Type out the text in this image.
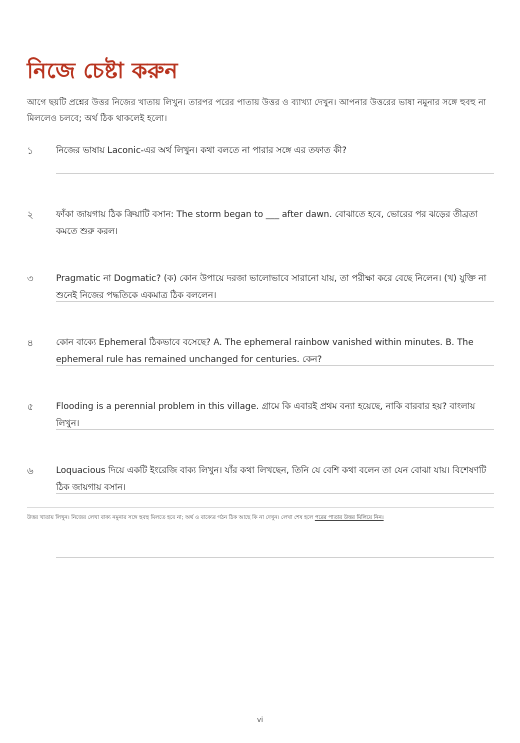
নিজে চেষ্টা করুন
আগে ছয়টি প্রশ্নের উত্তর নিজের খাতায় লিখুন। তারপর পরের পাতায় উত্তর ও ব্যাখ্যা দেখুন। আপনার উত্তরের ভাষা নমুনার সঙ্গে হুবহু না মিললেও চলবে; অর্থ ঠিক থাকলেই হলো।
১	নিজের ভাষায় Laconic-এর অর্থ লিখুন। কথা বলতে না পারার সঙ্গে এর তফাত কী?
২	ফাঁকা জায়গায় ঠিক ক্রিয়াটি বসান: The storm began to ___ after dawn. বোঝাতে হবে, ভোরের পর ঝড়ের তীব্রতা কমতে শুরু করল।
৩	Pragmatic না Dogmatic? (ক) কোন উপায়ে দরজা ভালোভাবে সারানো যায়, তা পরীক্ষা করে বেছে নিলেন। (খ) যুক্তি না শুনেই নিজের পদ্ধতিকে একমাত্র ঠিক বললেন।
৪	কোন বাক্যে Ephemeral ঠিকভাবে বসেছে? A. The ephemeral rainbow vanished within minutes. B. The ephemeral rule has remained unchanged for centuries. কেন?
৫	Flooding is a perennial problem in this village. গ্রামে কি এবারই প্রথম বন্যা হয়েছে, নাকি বারবার হয়? বাংলায় লিখুন।
৬	Loquacious দিয়ে একটি ইংরেজি বাক্য লিখুন। যাঁর কথা লিখছেন, তিনি যে বেশি কথা বলেন তা যেন বোঝা যায়। বিশেষণটি ঠিক জায়গায় বসান।
উত্তর খাতায় লিখুন। নিজের লেখা বাক্য নমুনার সঙ্গে হুবহু মিলতে হবে না; অর্থ ও বাক্যের গঠন ঠিক আছে কি না দেখুন। লেখা শেষ হলে পরের পাতার উত্তর মিলিয়ে নিন।
vi
